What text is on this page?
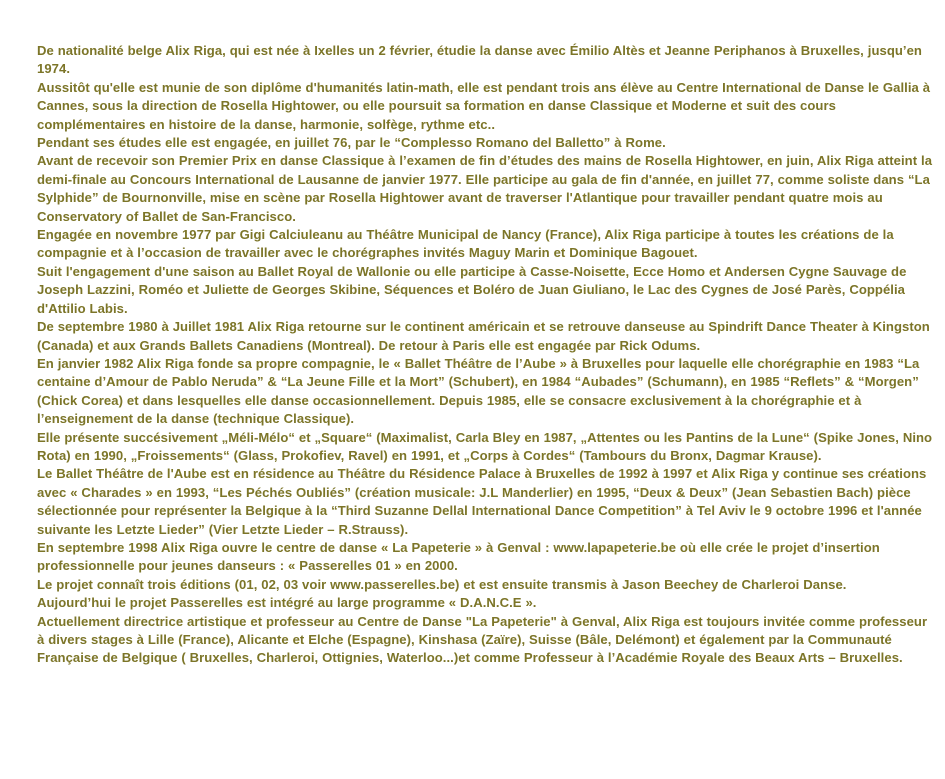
De nationalité belge Alix Riga, qui est née à Ixelles un 2 février, étudie la danse avec Émilio Altès et Jeanne Periphanos à Bruxelles, jusqu’en 1974.

Aussitôt qu'elle est munie de son diplôme d'humanités latin-math, elle est pendant trois ans élève au Centre International de Danse le Gallia à Cannes, sous la direction de Rosella Hightower, ou elle poursuit sa formation en danse Classique et Moderne et suit des cours complémentaires en histoire de la danse, harmonie, solfège, rythme etc..

Pendant ses études elle est engagée, en juillet 76, par le “Complesso Romano del Balletto” à Rome.

Avant de recevoir son Premier Prix en danse Classique à l’examen de fin d’études des mains de Rosella Hightower, en juin, Alix Riga atteint la demi-finale au Concours International de Lausanne de janvier 1977. Elle participe au gala de fin d'année, en juillet 77, comme soliste dans “La Sylphide” de Bournonville, mise en scène par Rosella Hightower avant de traverser l'Atlantique pour travailler pendant quatre mois au Conservatory of Ballet de San-Francisco.

Engagée en novembre 1977 par Gigi Calciuleanu au Théâtre Municipal de Nancy (France), Alix Riga participe à toutes les créations de la compagnie et à l’occasion de travailler avec le chorégraphes invités Maguy Marin et Dominique Bagouet.

Suit l'engagement d'une saison au Ballet Royal de Wallonie ou elle participe à Casse-Noisette, Ecce Homo et Andersen Cygne Sauvage de Joseph Lazzini, Roméo et Juliette de Georges Skibine, Séquences et Boléro de Juan Giuliano, le Lac des Cygnes de José Parès, Coppélia d'Attilio Labis.

De septembre 1980 à Juillet 1981 Alix Riga retourne sur le continent américain et se retrouve danseuse au Spindrift Dance Theater à Kingston (Canada) et aux Grands Ballets Canadiens (Montreal). De retour à Paris elle est engagée par Rick Odums.

En janvier 1982 Alix Riga fonde sa propre compagnie, le « Ballet Théâtre de l’Aube » à Bruxelles pour laquelle elle chorégraphie en 1983 “La centaine d’Amour de Pablo Neruda” & “La Jeune Fille et la Mort” (Schubert), en 1984 “Aubades” (Schumann), en 1985 “Reflets” & “Morgen” (Chick Corea) et dans lesquelles elle danse occasionnellement. Depuis 1985, elle se consacre exclusivement à la chorégraphie et à l’enseignement de la danse (technique Classique).

Elle présente succésivement „Méli-Mélo“ et „Square“ (Maximalist, Carla Bley en 1987, „Attentes ou les Pantins de la Lune“ (Spike Jones, Nino Rota) en 1990, „Froissements“ (Glass, Prokofiev, Ravel) en 1991, et „Corps à Cordes“ (Tambours du Bronx, Dagmar Krause).

Le Ballet Théâtre de l'Aube est en résidence au Théâtre du Résidence Palace à Bruxelles de 1992 à 1997 et Alix Riga y continue ses créations avec « Charades » en 1993, “Les Péchés Oubliés” (création musicale: J.L Manderlier) en 1995, “Deux & Deux” (Jean Sebastien Bach) pièce sélectionnée pour représenter la Belgique à la “Third Suzanne Dellal International Dance Competition” à Tel Aviv le 9 octobre 1996 et l'année suivante les Letzte Lieder” (Vier Letzte Lieder – R.Strauss).

En septembre 1998 Alix Riga ouvre le centre de danse « La Papeterie » à Genval : www.lapapeterie.be où elle crée le projet d’insertion professionnelle pour jeunes danseurs : « Passerelles 01 » en 2000.

Le projet connaît trois éditions (01, 02, 03 voir www.passerelles.be) et est ensuite transmis à Jason Beechey de Charleroi Danse.

Aujourd’hui le projet Passerelles est intégré au large programme « D.A.N.C.E ».

Actuellement directrice artistique et professeur au Centre de Danse "La Papeterie" à Genval, Alix Riga est toujours invitée comme professeur à divers stages à Lille (France), Alicante et Elche (Espagne), Kinshasa (Zaïre), Suisse (Bâle, Delémont) et également par la Communauté Française de Belgique ( Bruxelles, Charleroi, Ottignies, Waterloo...)et comme Professeur à l’Académie Royale des Beaux Arts – Bruxelles.
